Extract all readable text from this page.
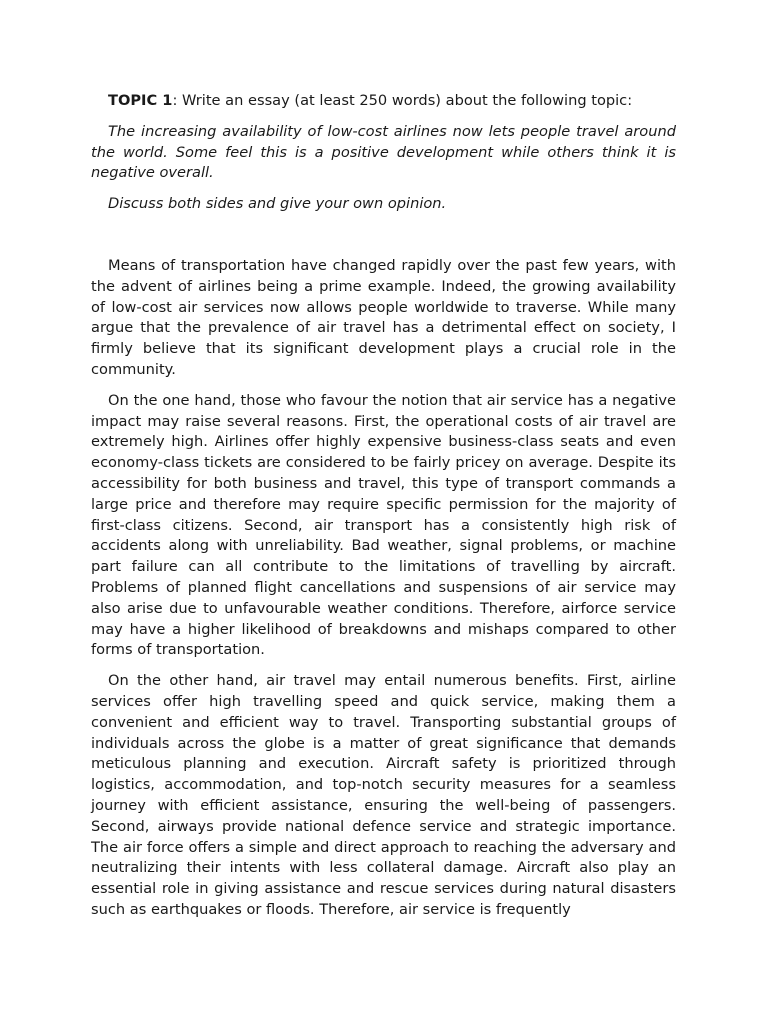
TOPIC 1: Write an essay (at least 250 words) about the following topic:

The increasing availability of low-cost airlines now lets people travel around the world. Some feel this is a positive development while others think it is negative overall.

Discuss both sides and give your own opinion.

Means of transportation have changed rapidly over the past few years, with the advent of airlines being a prime example. Indeed, the growing availability of low-cost air services now allows people worldwide to traverse. While many argue that the prevalence of air travel has a detrimental effect on society, I firmly believe that its significant development plays a crucial role in the community.

On the one hand, those who favour the notion that air service has a negative impact may raise several reasons. First, the operational costs of air travel are extremely high. Airlines offer highly expensive business-class seats and even economy-class tickets are considered to be fairly pricey on average. Despite its accessibility for both business and travel, this type of transport commands a large price and therefore may require specific permission for the majority of first-class citizens. Second, air transport has a consistently high risk of accidents along with unreliability. Bad weather, signal problems, or machine part failure can all contribute to the limitations of travelling by aircraft. Problems of planned flight cancellations and suspensions of air service may also arise due to unfavourable weather conditions. Therefore, airforce service may have a higher likelihood of breakdowns and mishaps compared to other forms of transportation.

On the other hand, air travel may entail numerous benefits. First, airline services offer high travelling speed and quick service, making them a convenient and efficient way to travel. Transporting substantial groups of individuals across the globe is a matter of great significance that demands meticulous planning and execution. Aircraft safety is prioritized through logistics, accommodation, and top-notch security measures for a seamless journey with efficient assistance, ensuring the well-being of passengers. Second, airways provide national defence service and strategic importance. The air force offers a simple and direct approach to reaching the adversary and neutralizing their intents with less collateral damage. Aircraft also play an essential role in giving assistance and rescue services during natural disasters such as earthquakes or floods. Therefore, air service is frequently
